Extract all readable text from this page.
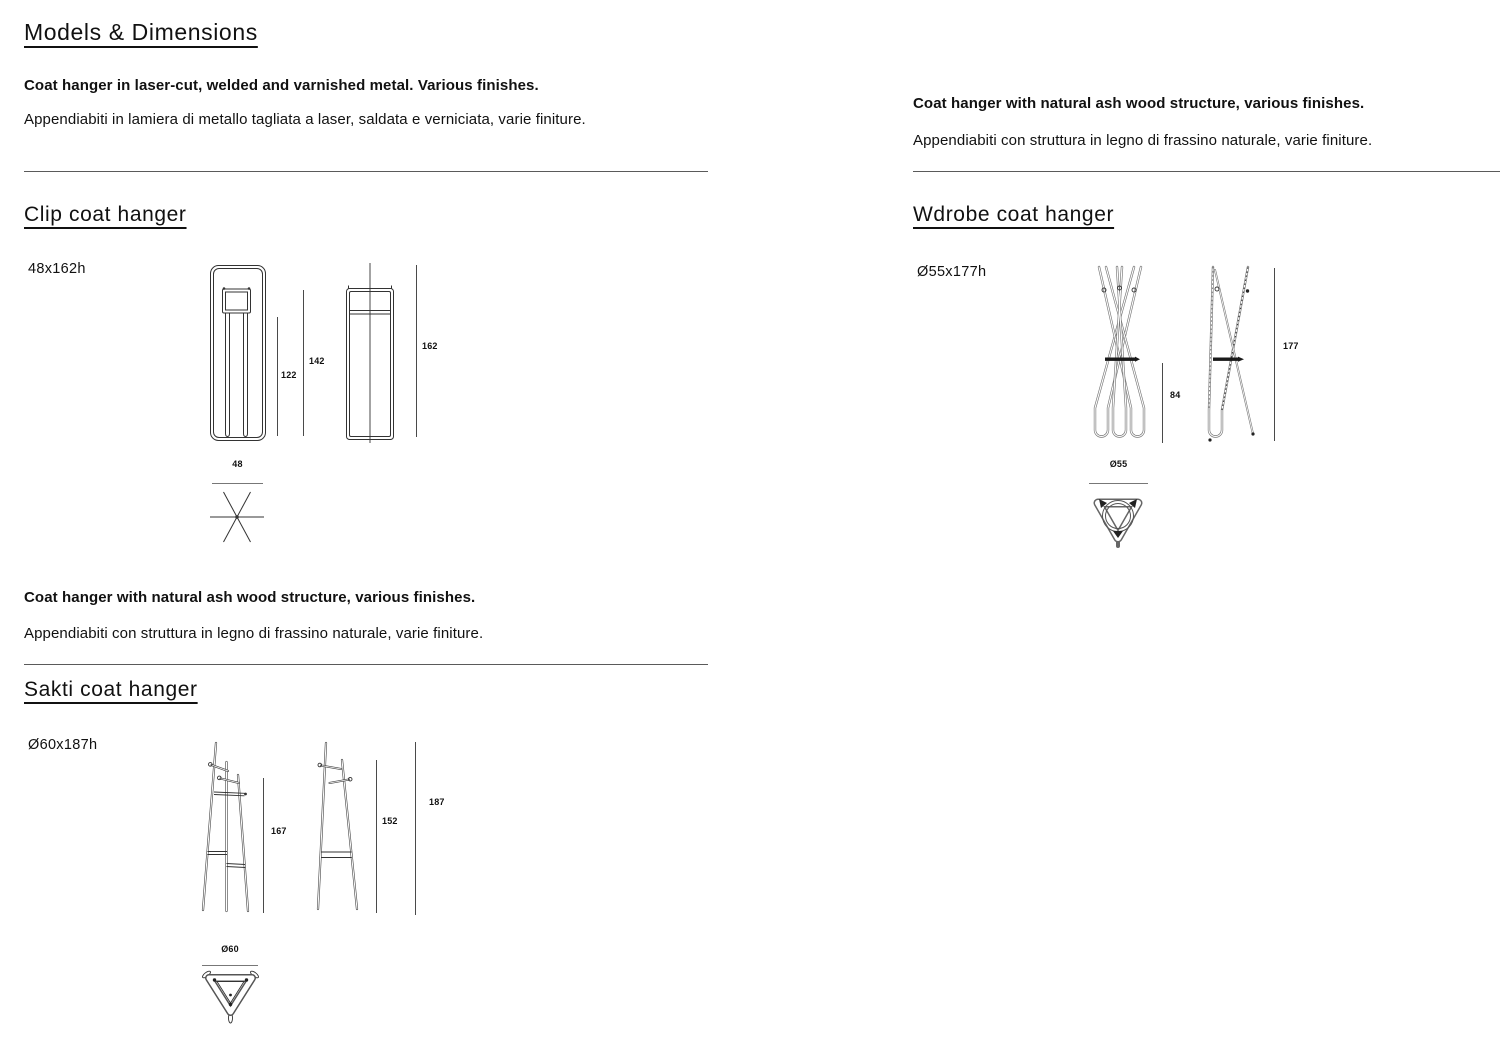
Models & Dimensions
Coat hanger in laser-cut, welded and varnished metal. Various finishes.
Appendiabiti in lamiera di metallo tagliata a laser, saldata e verniciata, varie finiture.
Clip coat hanger
48x162h
122
142
162
48
Coat hanger with natural ash wood structure, various finishes.
Appendiabiti con struttura in legno di frassino naturale, varie finiture.
Sakti coat hanger
Ø60x187h
167
152
187
Ø60
Coat hanger with natural ash wood structure, various finishes.
Appendiabiti con struttura in legno di frassino naturale, varie finiture.
Wdrobe coat hanger
Ø55x177h
84
177
Ø55
